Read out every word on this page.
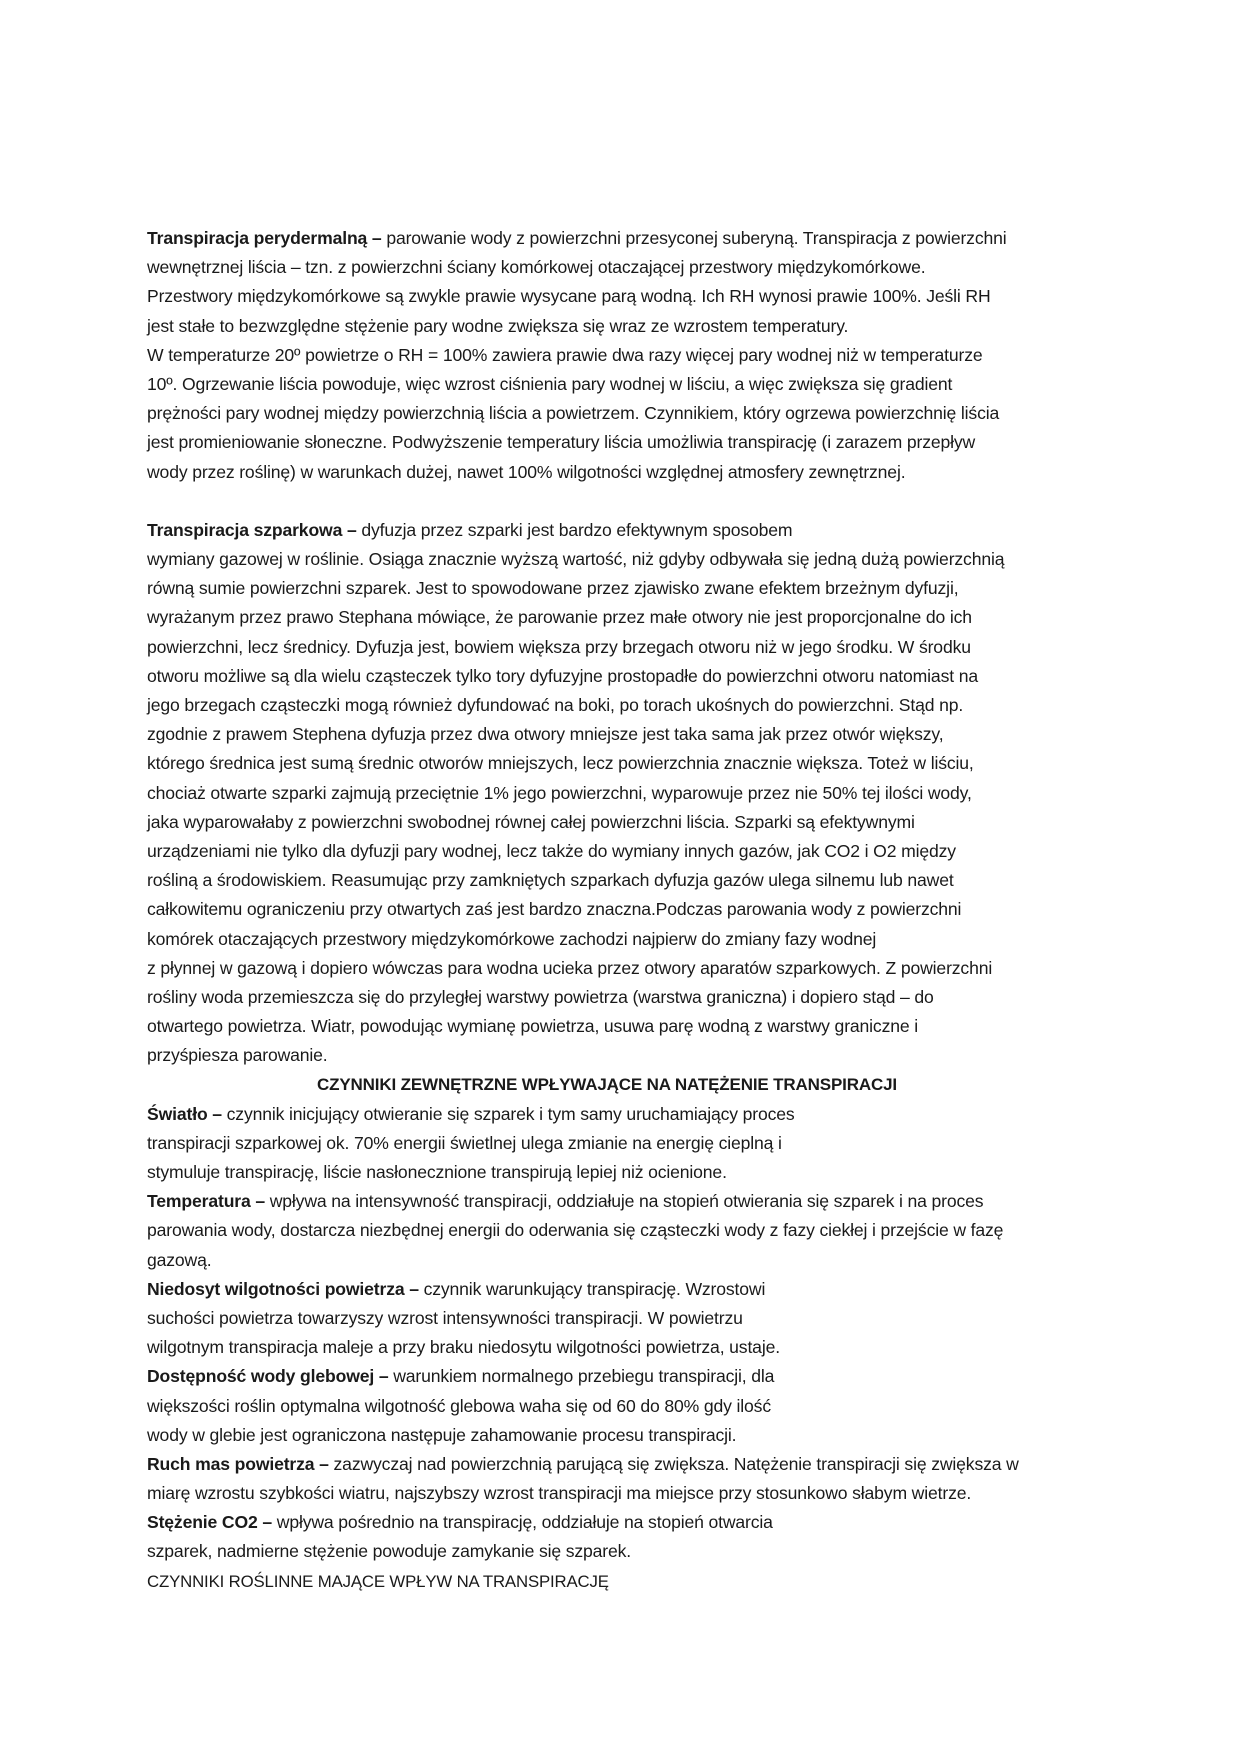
Transpiracja perydermalną – parowanie wody z powierzchni przesyconej suberyną. Transpiracja z powierzchni
wewnętrznej liścia – tzn. z powierzchni ściany komórkowej otaczającej przestwory międzykomórkowe.
Przestwory międzykomórkowe są zwykle prawie wysycane parą wodną. Ich RH wynosi prawie 100%. Jeśli RH
jest stałe to bezwzględne stężenie pary wodne zwiększa się wraz ze wzrostem temperatury.
W temperaturze 20º powietrze o RH = 100% zawiera prawie dwa razy więcej pary wodnej niż w temperaturze
10º. Ogrzewanie liścia powoduje, więc wzrost ciśnienia pary wodnej w liściu, a więc zwiększa się gradient
prężności pary wodnej między powierzchnią liścia a powietrzem. Czynnikiem, który ogrzewa powierzchnię liścia
jest promieniowanie słoneczne. Podwyższenie temperatury liścia umożliwia transpirację (i zarazem przepływ
wody przez roślinę) w warunkach dużej, nawet 100% wilgotności względnej atmosfery zewnętrznej.
Transpiracja szparkowa – dyfuzja przez szparki jest bardzo efektywnym sposobem
wymiany gazowej w roślinie. Osiąga znacznie wyższą wartość, niż gdyby odbywała się jedną dużą powierzchnią
równą sumie powierzchni szparek. Jest to spowodowane przez zjawisko zwane efektem brzeżnym dyfuzji,
wyrażanym przez prawo Stephana mówiące, że parowanie przez małe otwory nie jest proporcjonalne do ich
powierzchni, lecz średnicy. Dyfuzja jest, bowiem większa przy brzegach otworu niż w jego środku. W środku
otworu możliwe są dla wielu cząsteczek tylko tory dyfuzyjne prostopadłe do powierzchni otworu natomiast na
jego brzegach cząsteczki mogą również dyfundować na boki, po torach ukośnych do powierzchni. Stąd np.
zgodnie z prawem Stephena dyfuzja przez dwa otwory mniejsze jest taka sama jak przez otwór większy,
którego średnica jest sumą średnic otworów mniejszych, lecz powierzchnia znacznie większa. Toteż w liściu,
chociaż otwarte szparki zajmują przeciętnie 1% jego powierzchni, wyparowuje przez nie 50% tej ilości wody,
jaka wyparowałaby z powierzchni swobodnej równej całej powierzchni liścia. Szparki są efektywnymi
urządzeniami nie tylko dla dyfuzji pary wodnej, lecz także do wymiany innych gazów, jak CO2 i O2 między
rośliną a środowiskiem. Reasumując przy zamkniętych szparkach dyfuzja gazów ulega silnemu lub nawet
całkowitemu ograniczeniu przy otwartych zaś jest bardzo znaczna.Podczas parowania wody z powierzchni
komórek otaczających przestwory międzykomórkowe zachodzi najpierw do zmiany fazy wodnej
z płynnej w gazową i dopiero wówczas para wodna ucieka przez otwory aparatów szparkowych. Z powierzchni
rośliny woda przemieszcza się do przyległej warstwy powietrza (warstwa graniczna) i dopiero stąd – do
otwartego powietrza. Wiatr, powodując wymianę powietrza, usuwa parę wodną z warstwy graniczne i
przyśpiesza parowanie.
CZYNNIKI ZEWNĘTRZNE WPŁYWAJĄCE NA NATĘŻENIE TRANSPIRACJI
Światło – czynnik inicjujący otwieranie się szparek i tym samy uruchamiający proces
transpiracji szparkowej ok. 70% energii świetlnej ulega zmianie na energię cieplną i
stymuluje transpirację, liście nasłonecznione transpirują lepiej niż ocienione.
Temperatura – wpływa na intensywność transpiracji, oddziałuje na stopień otwierania się szparek i na proces
parowania wody, dostarcza niezbędnej energii do oderwania się cząsteczki wody z fazy ciekłej i przejście w fazę
gazową.
Niedosyt wilgotności powietrza – czynnik warunkujący transpirację. Wzrostowi
suchości powietrza towarzyszy wzrost intensywności transpiracji. W powietrzu
wilgotnym transpiracja maleje a przy braku niedosytu wilgotności powietrza, ustaje.
Dostępność wody glebowej – warunkiem normalnego przebiegu transpiracji, dla
większości roślin optymalna wilgotność glebowa waha się od 60 do 80% gdy ilość
wody w glebie jest ograniczona następuje zahamowanie procesu transpiracji.
Ruch mas powietrza – zazwyczaj nad powierzchnią parującą się zwiększa. Natężenie transpiracji się zwiększa w
miarę wzrostu szybkości wiatru, najszybszy wzrost transpiracji ma miejsce przy stosunkowo słabym wietrze.
Stężenie CO2 – wpływa pośrednio na transpirację, oddziałuje na stopień otwarcia
szparek, nadmierne stężenie powoduje zamykanie się szparek.
CZYNNIKI ROŚLINNE MAJĄCE WPŁYW NA TRANSPIRACJĘ
